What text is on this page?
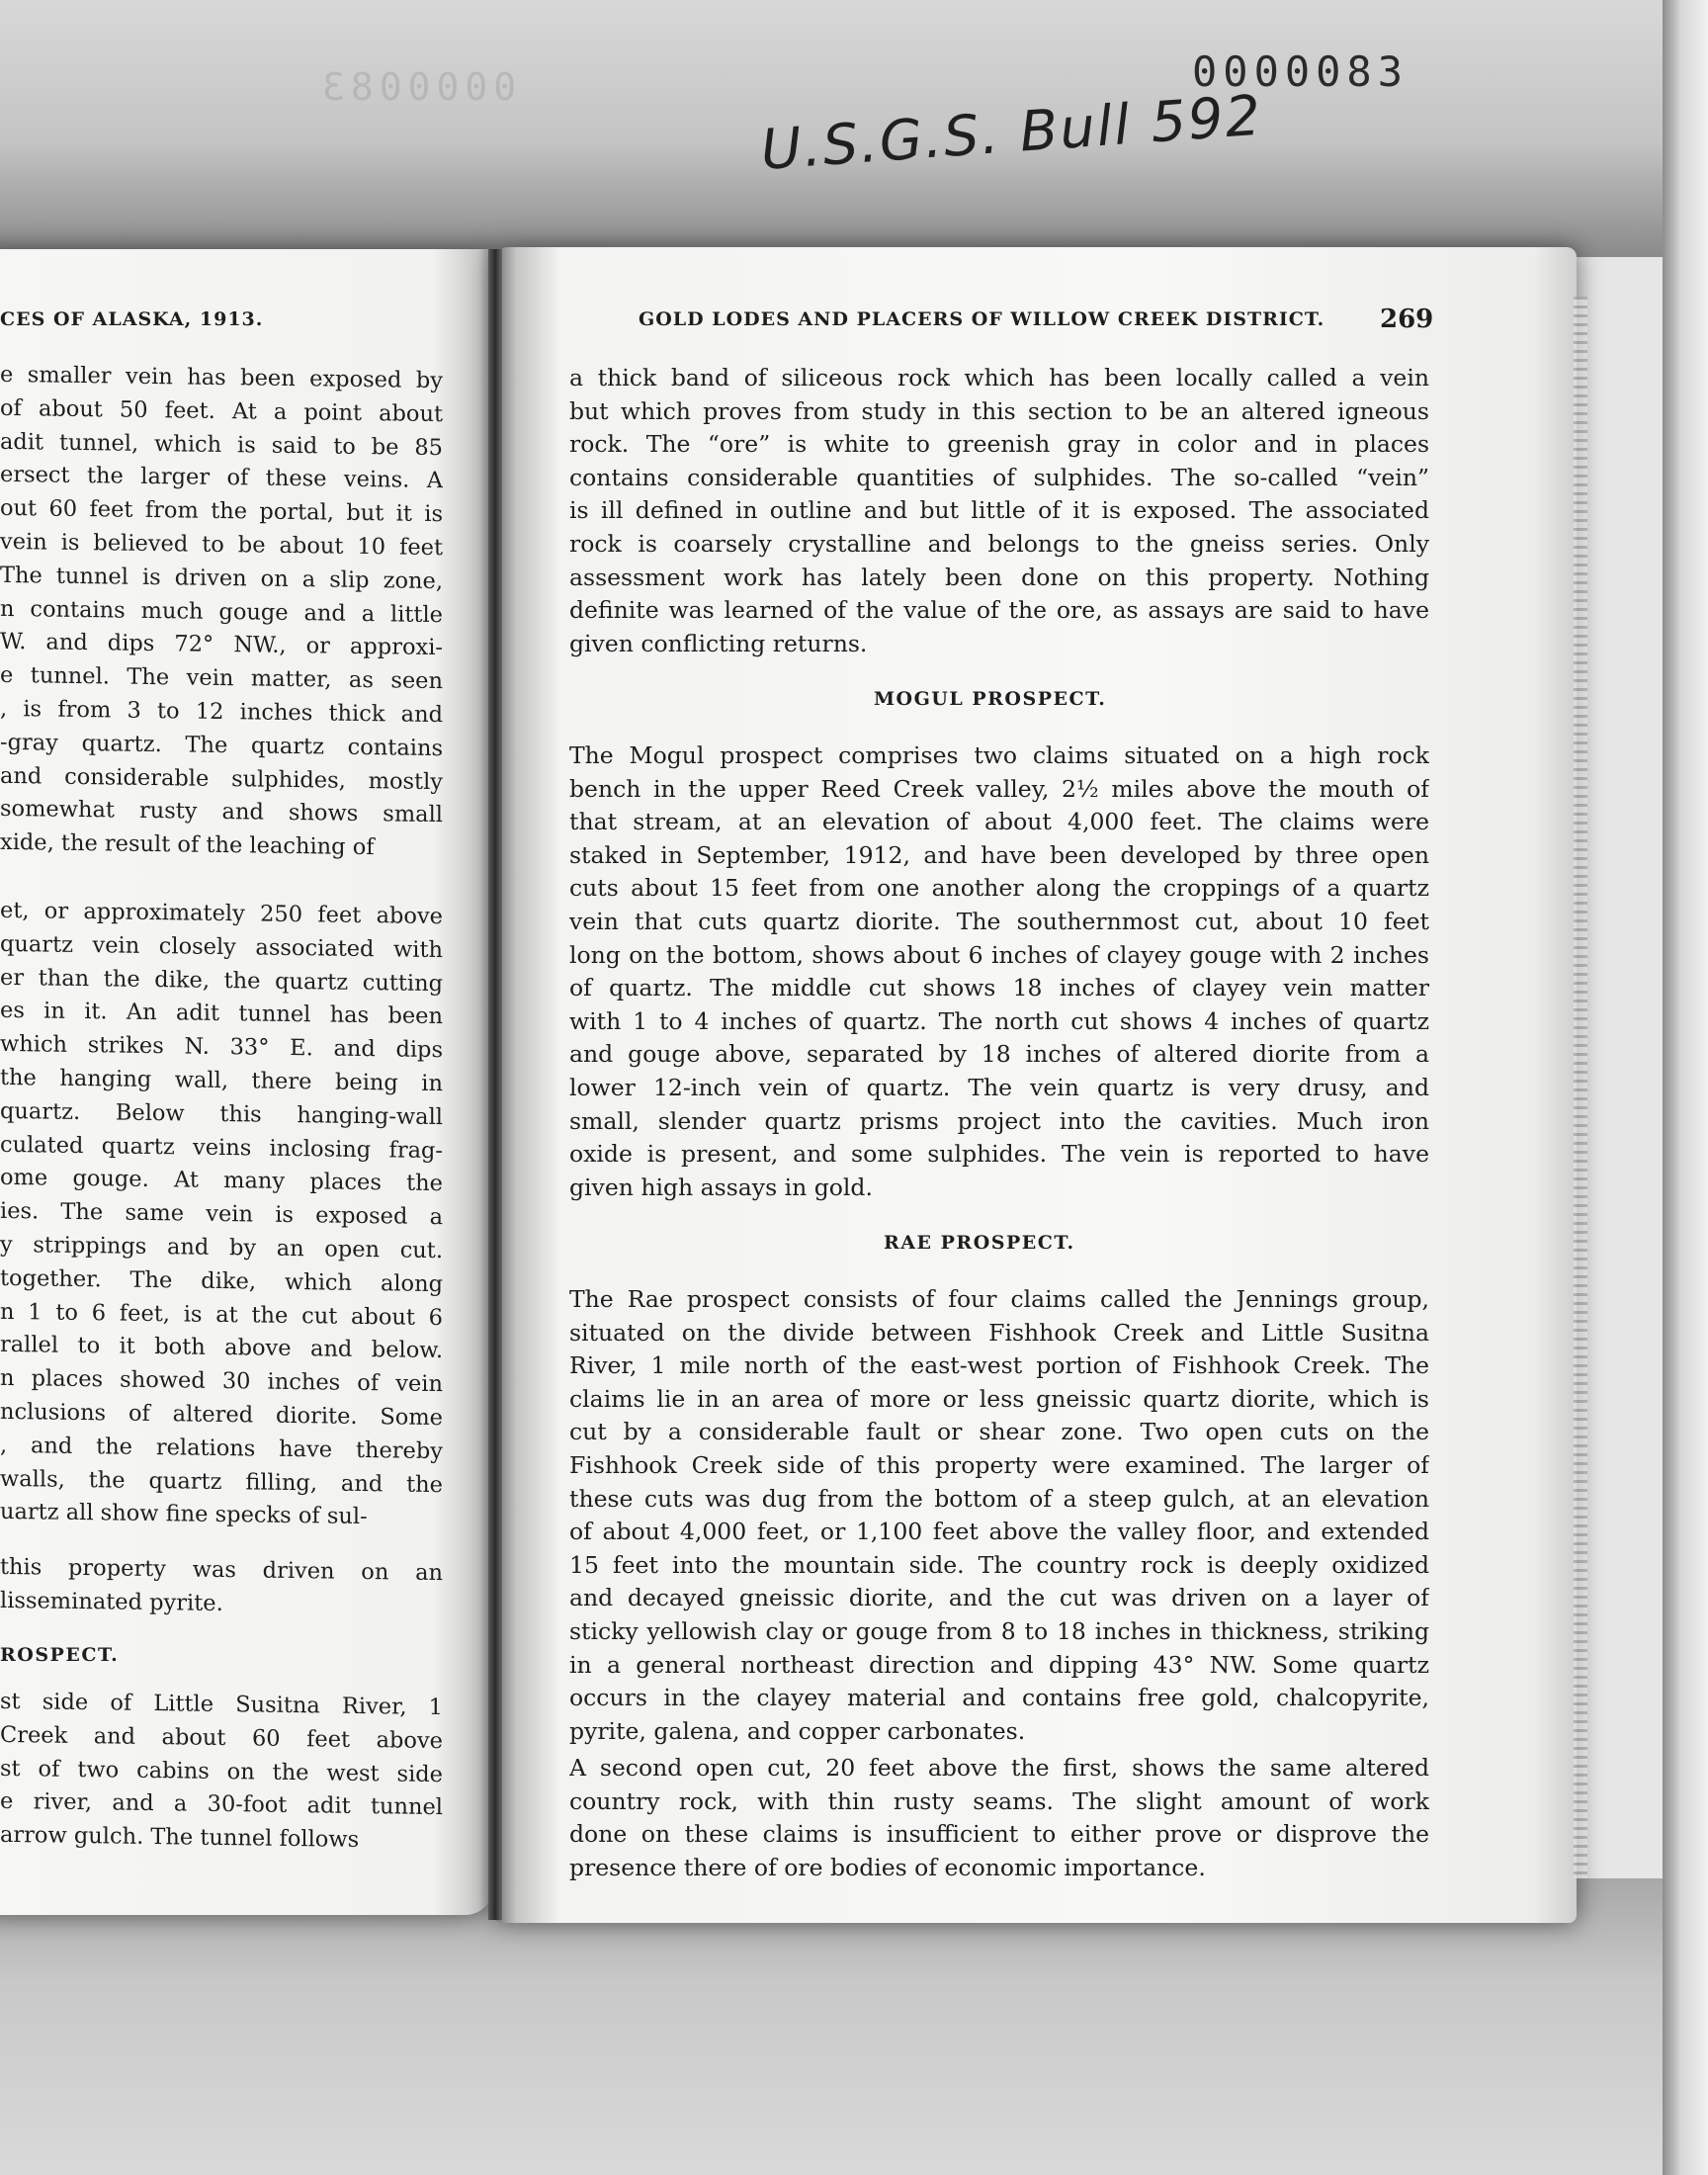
0000083	0000083
U.S.G.S. Bull 592
CES OF ALASKA, 1913.
e smaller vein has been exposed by
of about 50 feet. At a point about
adit tunnel, which is said to be 85
ersect the larger of these veins. A
out 60 feet from the portal, but it is
vein is believed to be about 10 feet
The tunnel is driven on a slip zone,
n contains much gouge and a little
W. and dips 72° NW., or approxi-
e tunnel. The vein matter, as seen
, is from 3 to 12 inches thick and
-gray quartz. The quartz contains
and considerable sulphides, mostly
somewhat rusty and shows small
xide, the result of the leaching of
et, or approximately 250 feet above
quartz vein closely associated with
er than the dike, the quartz cutting
es in it. An adit tunnel has been
which strikes N. 33° E. and dips
the hanging wall, there being in
quartz. Below this hanging-wall
culated quartz veins inclosing frag-
ome gouge. At many places the
ies. The same vein is exposed a
y strippings and by an open cut.
together. The dike, which along
n 1 to 6 feet, is at the cut about 6
rallel to it both above and below.
n places showed 30 inches of vein
nclusions of altered diorite. Some
, and the relations have thereby
walls, the quartz filling, and the
uartz all show fine specks of sul-
this property was driven on an
lisseminated pyrite.
ROSPECT.
st side of Little Susitna River, 1
Creek and about 60 feet above
st of two cabins on the west side
e river, and a 30-foot adit tunnel
arrow gulch. The tunnel follows
GOLD LODES AND PLACERS OF WILLOW CREEK DISTRICT. 269
a thick band of siliceous rock which has been locally called a vein
but which proves from study in this section to be an altered igneous
rock. The “ore” is white to greenish gray in color and in places
contains considerable quantities of sulphides. The so-called “vein”
is ill defined in outline and but little of it is exposed. The associated
rock is coarsely crystalline and belongs to the gneiss series. Only
assessment work has lately been done on this property. Nothing
definite was learned of the value of the ore, as assays are said to have
given conflicting returns.
MOGUL PROSPECT.
The Mogul prospect comprises two claims situated on a high rock
bench in the upper Reed Creek valley, 2½ miles above the mouth of
that stream, at an elevation of about 4,000 feet. The claims were
staked in September, 1912, and have been developed by three open
cuts about 15 feet from one another along the croppings of a quartz
vein that cuts quartz diorite. The southernmost cut, about 10 feet
long on the bottom, shows about 6 inches of clayey gouge with 2 inches
of quartz. The middle cut shows 18 inches of clayey vein matter
with 1 to 4 inches of quartz. The north cut shows 4 inches of quartz
and gouge above, separated by 18 inches of altered diorite from a
lower 12-inch vein of quartz. The vein quartz is very drusy, and
small, slender quartz prisms project into the cavities. Much iron
oxide is present, and some sulphides. The vein is reported to have
given high assays in gold.
RAE PROSPECT.
The Rae prospect consists of four claims called the Jennings group,
situated on the divide between Fishhook Creek and Little Susitna
River, 1 mile north of the east-west portion of Fishhook Creek. The
claims lie in an area of more or less gneissic quartz diorite, which is
cut by a considerable fault or shear zone. Two open cuts on the
Fishhook Creek side of this property were examined. The larger of
these cuts was dug from the bottom of a steep gulch, at an elevation
of about 4,000 feet, or 1,100 feet above the valley floor, and extended
15 feet into the mountain side. The country rock is deeply oxidized
and decayed gneissic diorite, and the cut was driven on a layer of
sticky yellowish clay or gouge from 8 to 18 inches in thickness, striking
in a general northeast direction and dipping 43° NW. Some quartz
occurs in the clayey material and contains free gold, chalcopyrite,
pyrite, galena, and copper carbonates.
A second open cut, 20 feet above the first, shows the same altered
country rock, with thin rusty seams. The slight amount of work
done on these claims is insufficient to either prove or disprove the
presence there of ore bodies of economic importance.
